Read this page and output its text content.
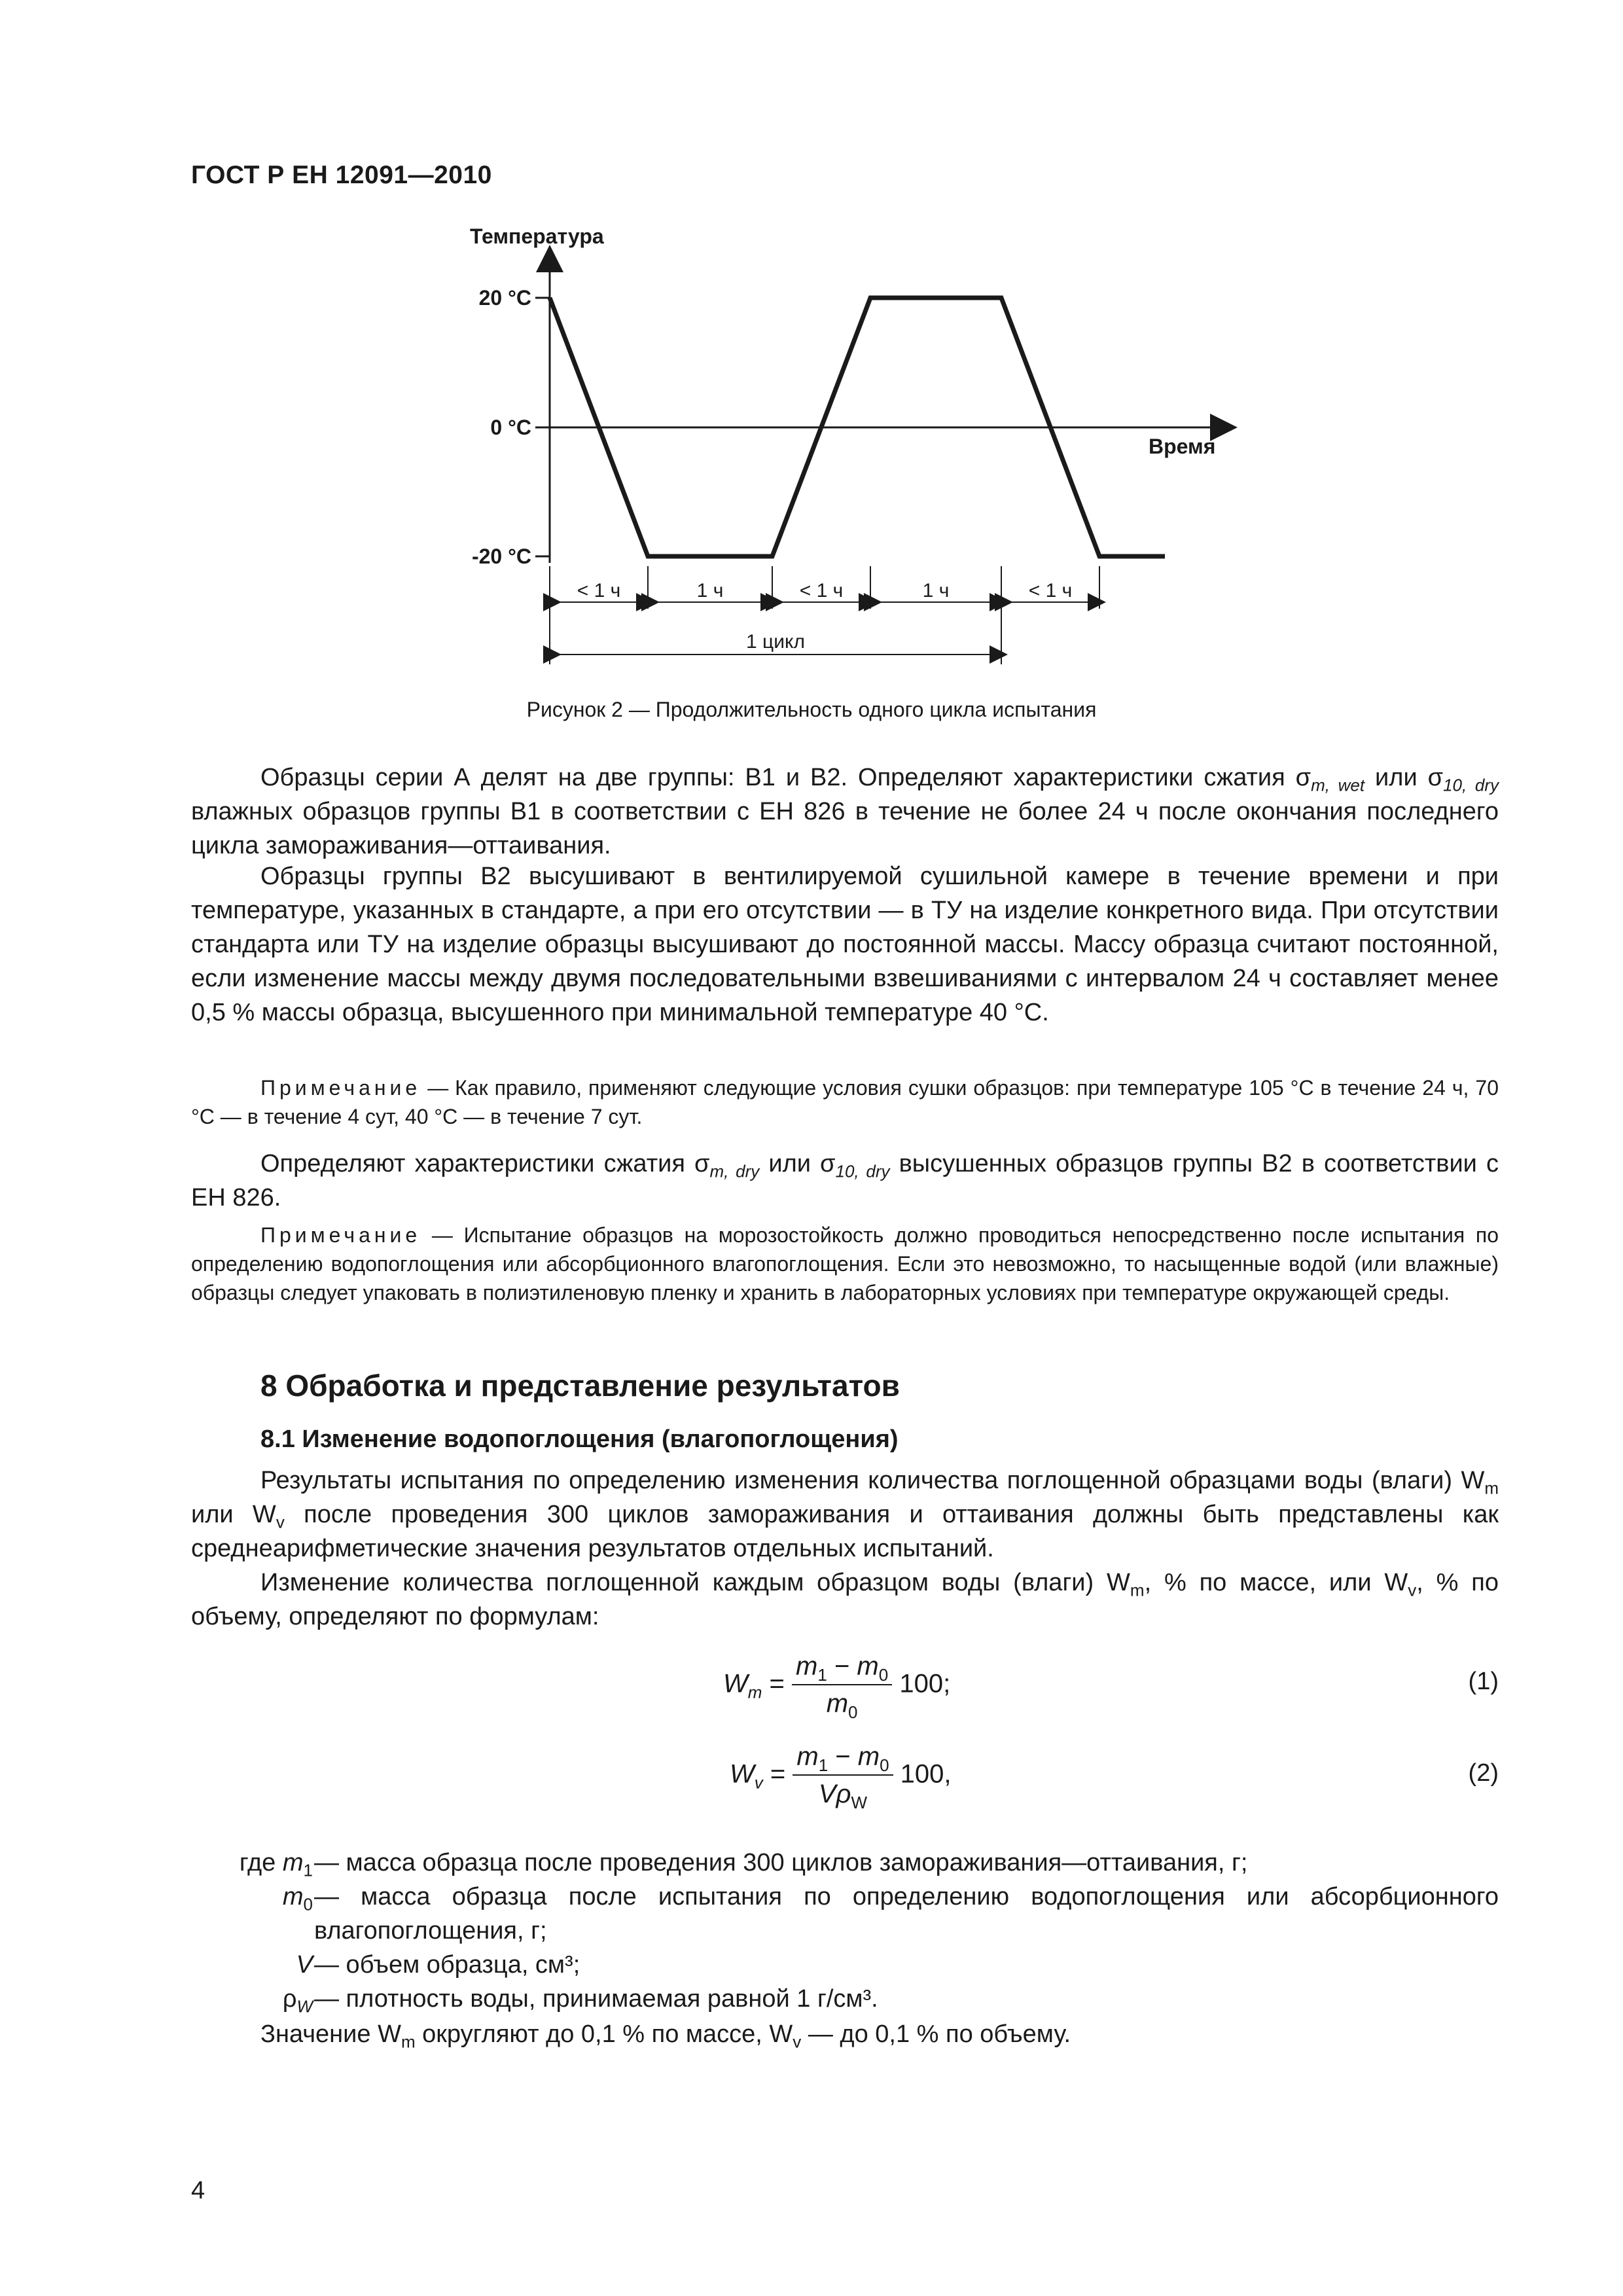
ГОСТ Р ЕН 12091—2010
Температура
Время
20 °C
0 °C
-20 °C
< 1 ч	1 ч	< 1 ч	1 ч	< 1 ч
1 цикл
Рисунок 2 — Продолжительность одного цикла испытания

Образцы серии А делят на две группы: В1 и В2. Определяют характеристики сжатия $\sigma_{m, wet}$ или $\sigma_{10, dry}$ влажных образцов группы В1 в соответствии с ЕН 826 в течение не более 24 ч после окончания последнего цикла замораживания—оттаивания.

Образцы группы В2 высушивают в вентилируемой сушильной камере в течение времени и при температуре, указанных в стандарте, а при его отсутствии — в ТУ на изделие конкретного вида. При отсутствии стандарта или ТУ на изделие образцы высушивают до постоянной массы. Массу образца считают постоянной, если изменение массы между двумя последовательными взвешиваниями с интервалом 24 ч составляет менее 0,5 % массы образца, высушенного при минимальной температуре 40 °С.

Примечание — Как правило, применяют следующие условия сушки образцов: при температуре 105 °С в течение 24 ч, 70 °С — в течение 4 сут, 40 °С — в течение 7 сут.

Определяют характеристики сжатия $\sigma_{m, dry}$ или $\sigma_{10, dry}$ высушенных образцов группы В2 в соответствии с ЕН 826.

Примечание — Испытание образцов на морозостойкость должно проводиться непосредственно после испытания по определению водопоглощения или абсорбционного влагопоглощения. Если это невозможно, то насыщенные водой (или влажные) образцы следует упаковать в полиэтиленовую пленку и хранить в лабораторных условиях при температуре окружающей среды.

8 Обработка и представление результатов
8.1 Изменение водопоглощения (влагопоглощения)

Результаты испытания по определению изменения количества поглощенной образцами воды (влаги) $W_m$ или $W_v$ после проведения 300 циклов замораживания и оттаивания должны быть представлены как среднеарифметические значения результатов отдельных испытаний.

Изменение количества поглощенной каждым образцом воды (влаги) $W_m$, % по массе, или $W_v$, % по объему, определяют по формулам:

$W_m = \frac{m_1 - m_0}{m_0} 100$;	(1)
$W_v$ =
$m_1 - m_0$
$V\rho_W$
100,	(2)
где $m_1$ — масса образца после проведения 300 циклов замораживания—оттаивания, г;
$m_0$ — масса образца после испытания по определению водопоглощения или абсорбционного влагопоглощения, г;
V — объем образца, см³;
$\rho_W$ — плотность воды, принимаемая равной 1 г/см³.

Значение $W_m$ округляют до 0,1 % по массе, $W_v$ — до 0,1 % по объему.

4
